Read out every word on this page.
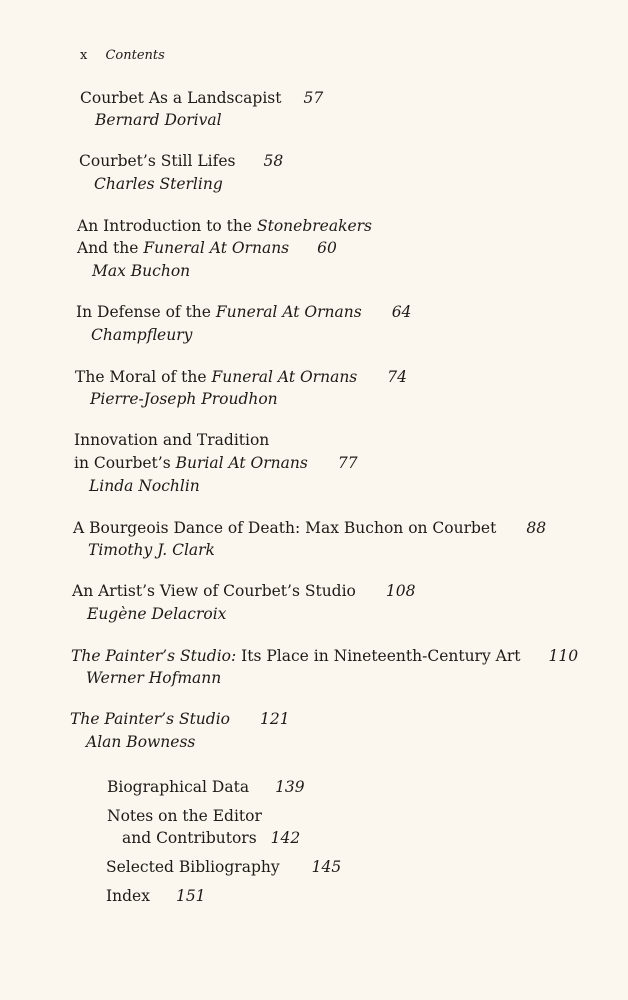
x Contents
Courbet As a Landscapist 57
Bernard Dorival
Courbet’s Still Lifes 58
Charles Sterling
An Introduction to the Stonebreakers
And the Funeral At Ornans 60
Max Buchon
In Defense of the Funeral At Ornans 64
Champfleury
The Moral of the Funeral At Ornans 74
Pierre-Joseph Proudhon
Innovation and Tradition
in Courbet’s Burial At Ornans 77
Linda Nochlin
A Bourgeois Dance of Death: Max Buchon on Courbet 88
Timothy J. Clark
An Artist’s View of Courbet’s Studio 108
Eugène Delacroix
The Painter’s Studio: Its Place in Nineteenth-Century Art 110
Werner Hofmann
The Painter’s Studio 121
Alan Bowness
Biographical Data 139
Notes on the Editor
and Contributors 142
Selected Bibliography 145
Index 151
